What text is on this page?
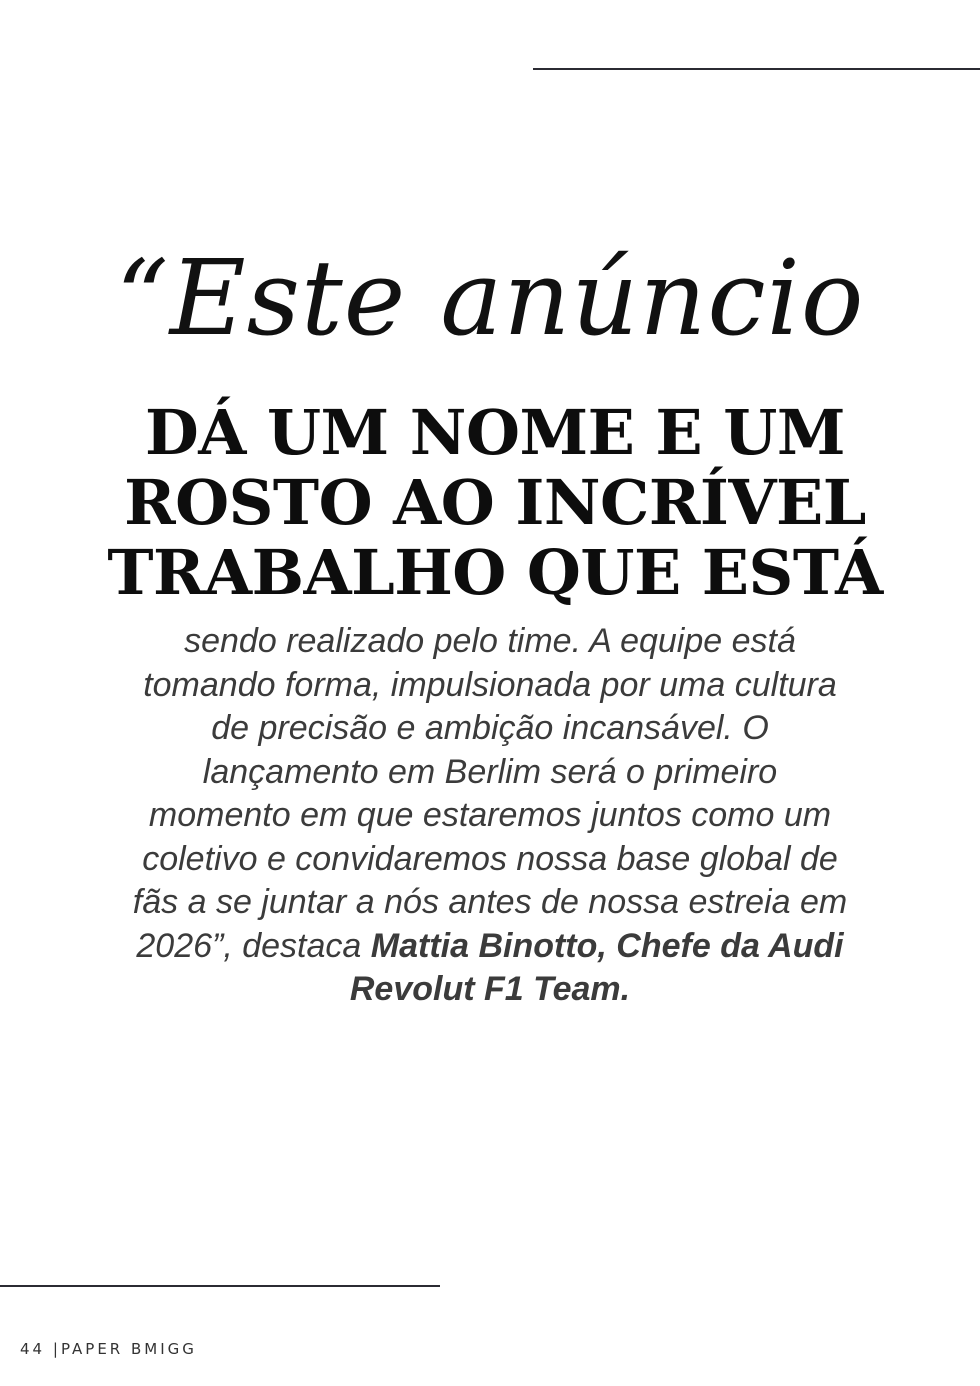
“Este anúncio
DÁ UM NOME E UM
ROSTO AO INCRÍVEL
TRABALHO QUE ESTÁ
sendo realizado pelo time. A equipe está
tomando forma, impulsionada por uma cultura
de precisão e ambição incansável. O
lançamento em Berlim será o primeiro
momento em que estaremos juntos como um
coletivo e convidaremos nossa base global de
fãs a se juntar a nós antes de nossa estreia em
2026”, destaca Mattia Binotto, Chefe da Audi
Revolut F1 Team.
44 |PAPER BMIGG
